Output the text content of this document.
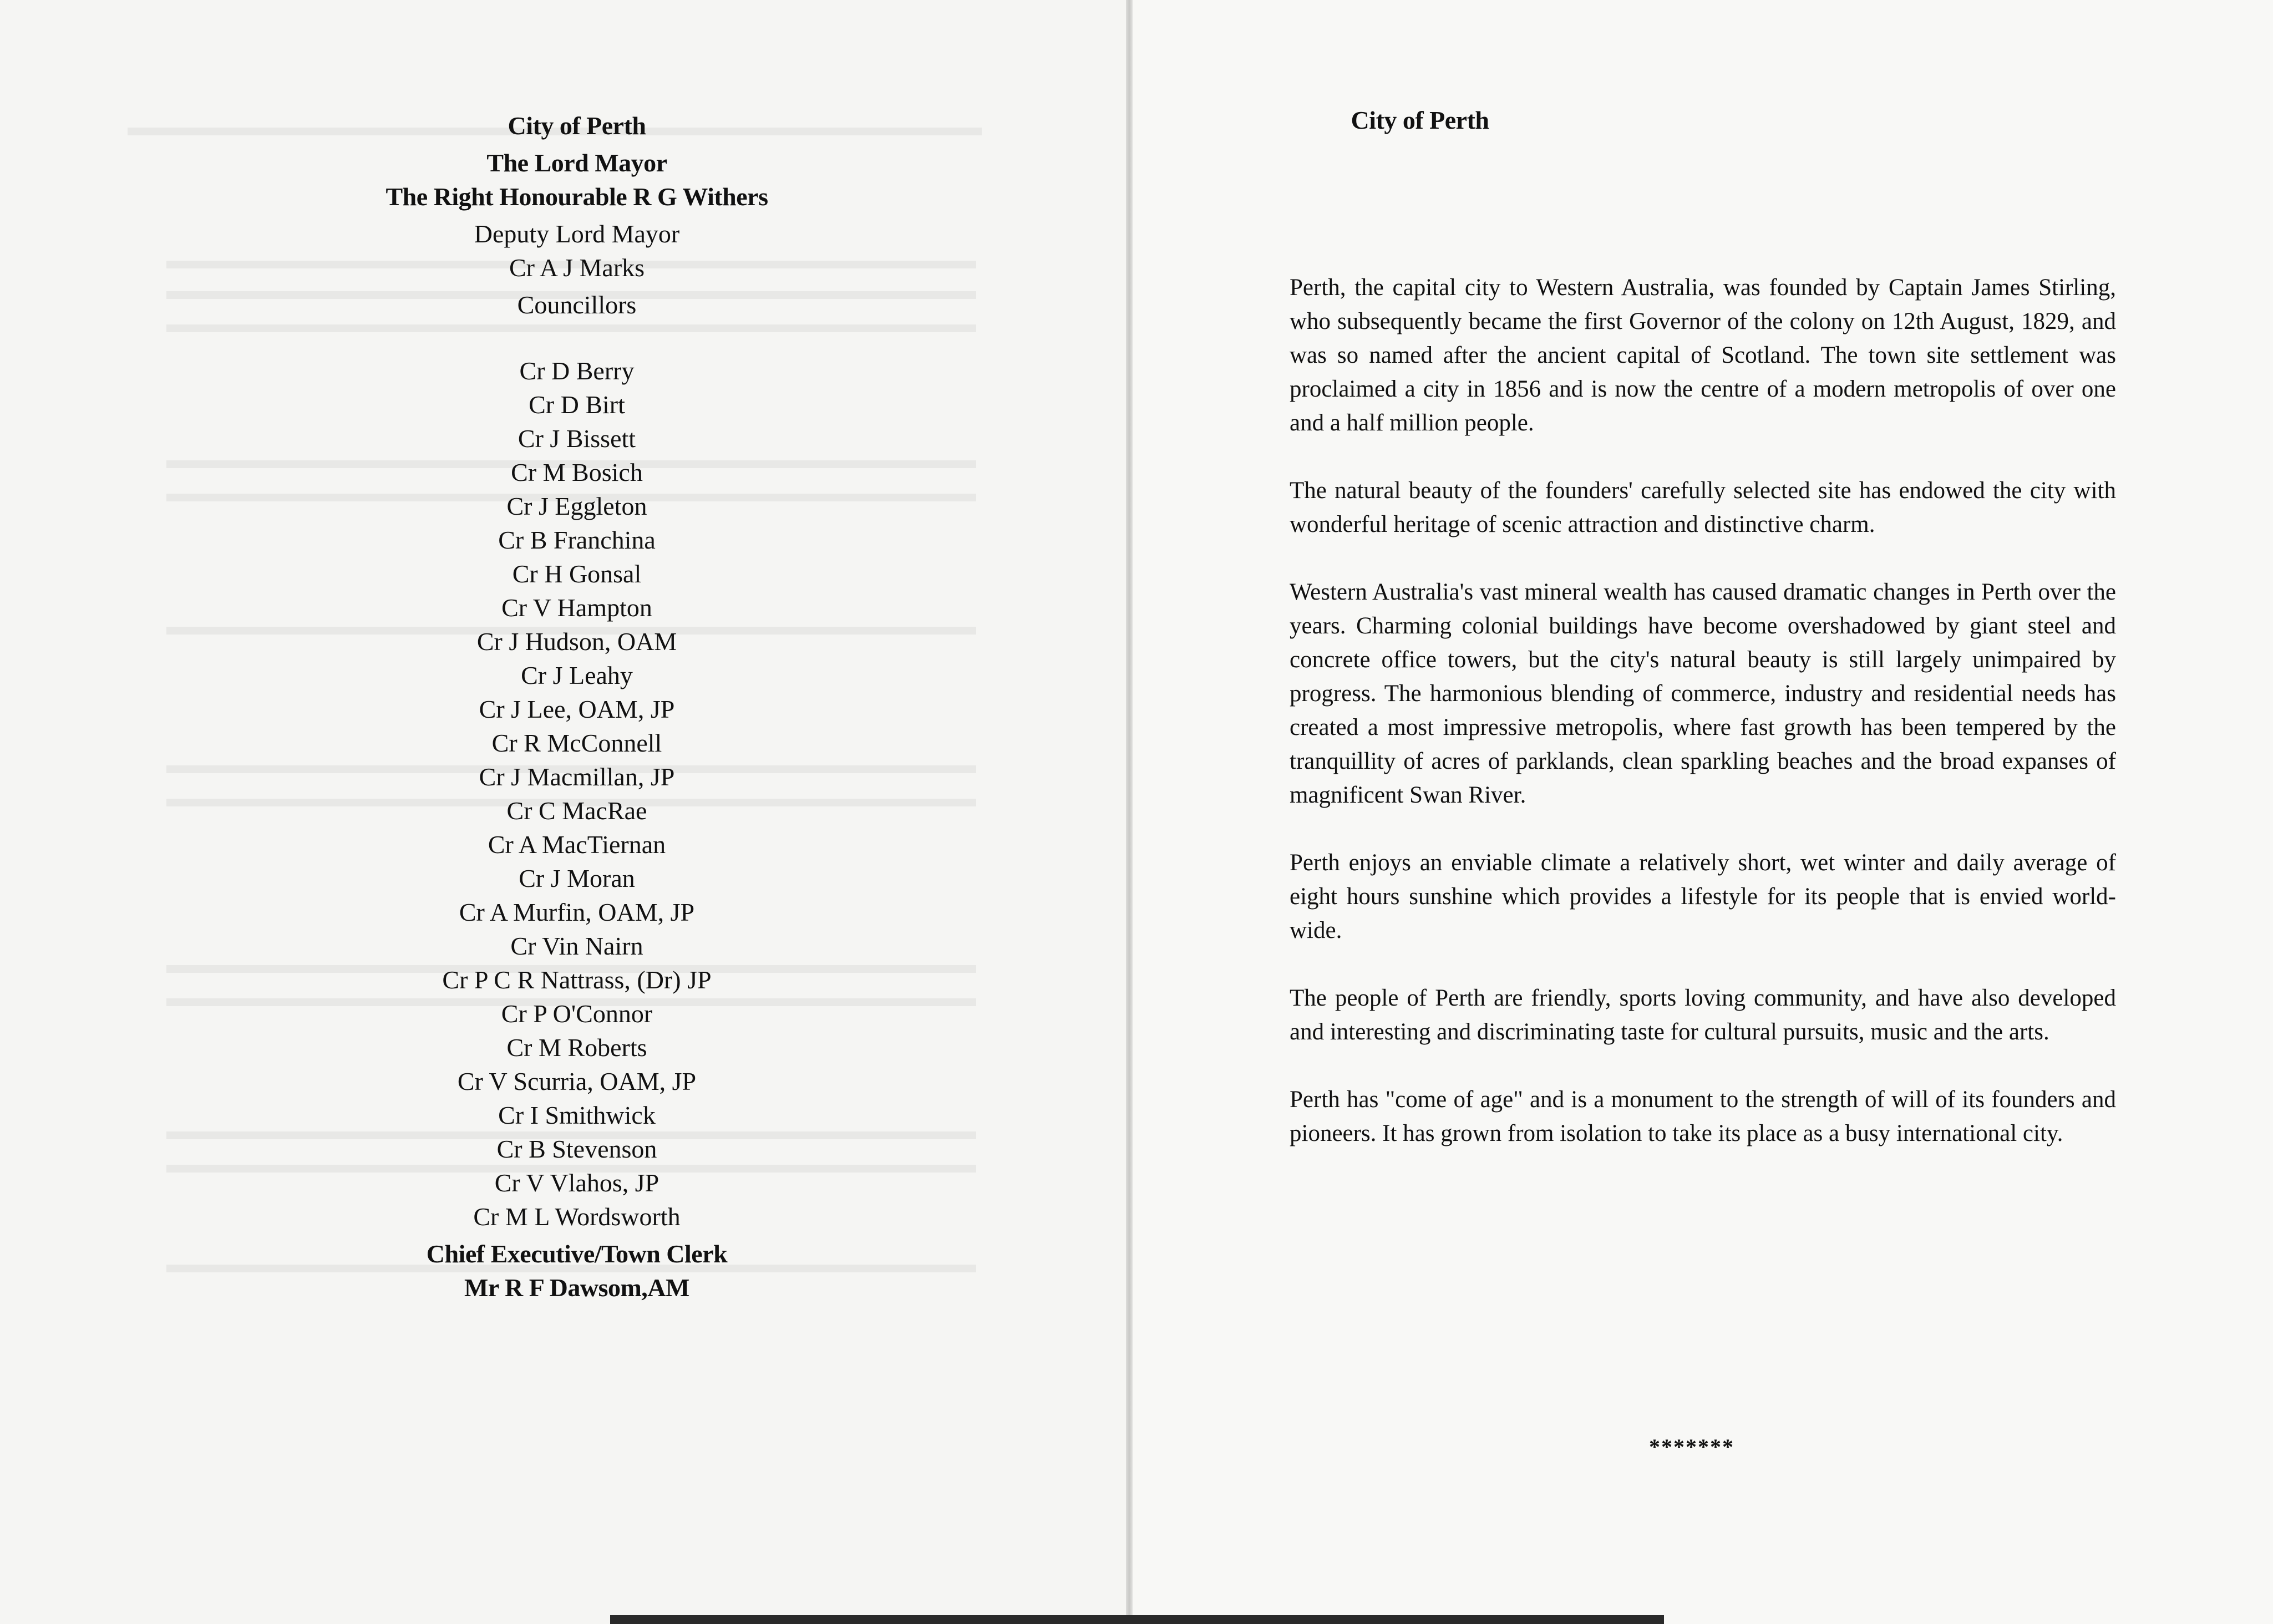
City of Perth
The Lord Mayor
The Right Honourable R G Withers
Deputy Lord Mayor
Cr A J Marks
Councillors
Cr D Berry
Cr D Birt
Cr J Bissett
Cr M Bosich
Cr J Eggleton
Cr B Franchina
Cr H Gonsal
Cr V Hampton
Cr J Hudson, OAM
Cr J Leahy
Cr J Lee, OAM, JP
Cr R McConnell
Cr J Macmillan, JP
Cr C MacRae
Cr A MacTiernan
Cr J Moran
Cr A Murfin, OAM, JP
Cr Vin Nairn
Cr P C R Nattrass, (Dr) JP
Cr P O'Connor
Cr M Roberts
Cr V Scurria, OAM, JP
Cr I Smithwick
Cr B Stevenson
Cr V Vlahos, JP
Cr M L Wordsworth
Chief Executive/Town Clerk
Mr R F Dawsom,AM
City of Perth

Perth, the capital city to Western Australia, was founded by Captain James Stirling, who subsequently became the first Governor of the colony on 12th August, 1829, and was so named after the ancient capital of Scotland. The town site settlement was proclaimed a city in 1856 and is now the centre of a modern metropolis of over one and a half million people.

The natural beauty of the founders' carefully selected site has endowed the city with wonderful heritage of scenic attraction and distinctive charm.

Western Australia's vast mineral wealth has caused dramatic changes in Perth over the years. Charming colonial buildings have become overshadowed by giant steel and concrete office towers, but the city's natural beauty is still largely unimpaired by progress. The harmonious blending of commerce, industry and residential needs has created a most impressive metropolis, where fast growth has been tempered by the tranquillity of acres of parklands, clean sparkling beaches and the broad expanses of magnificent Swan River.

Perth enjoys an enviable climate a relatively short, wet winter and daily average of eight hours sunshine which provides a lifestyle for its people that is envied world-wide.

The people of Perth are friendly, sports loving community, and have also developed and interesting and discriminating taste for cultural pursuits, music and the arts.

Perth has "come of age" and is a monument to the strength of will of its founders and pioneers. It has grown from isolation to take its place as a busy international city.

*******
